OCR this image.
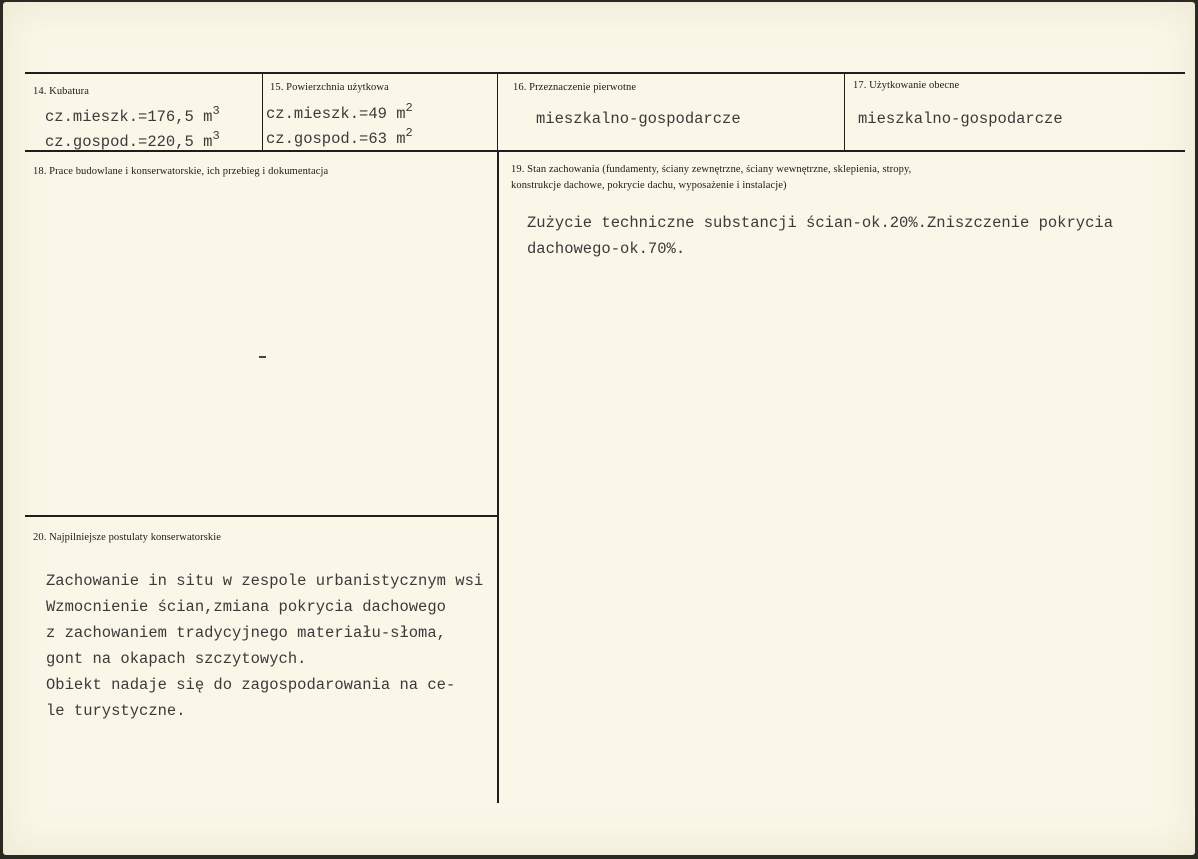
14. Kubatura
cz.mieszk.=176,5 $m^3$
cz.gospod.=220,5 $m^3$
15. Powierzchnia użytkowa
cz.mieszk.=49 $m^2$
cz.gospod.=63 $m^2$
16. Przeznaczenie pierwotne
mieszkalno-gospodarcze
17. Użytkowanie obecne
mieszkalno-gospodarcze
18. Prace budowlane i konserwatorskie, ich przebieg i dokumentacja	19. Stan zachowania (fundamenty, ściany zewnętrzne, ściany wewnętrzne, sklepienia, stropy,
konstrukcje dachowe, pokrycie dachu, wyposażenie i instalacje)
Zużycie techniczne substancji ścian-ok.20%.Zniszczenie pokrycia
dachowego-ok.70%.
20. Najpilniejsze postulaty konserwatorskie
Zachowanie in situ w zespole urbanistycznym wsi
Wzmocnienie ścian,zmiana pokrycia dachowego
z zachowaniem tradycyjnego materiału-słoma,
gont na okapach szczytowych.
Obiekt nadaje się do zagospodarowania na ce-
le turystyczne.
